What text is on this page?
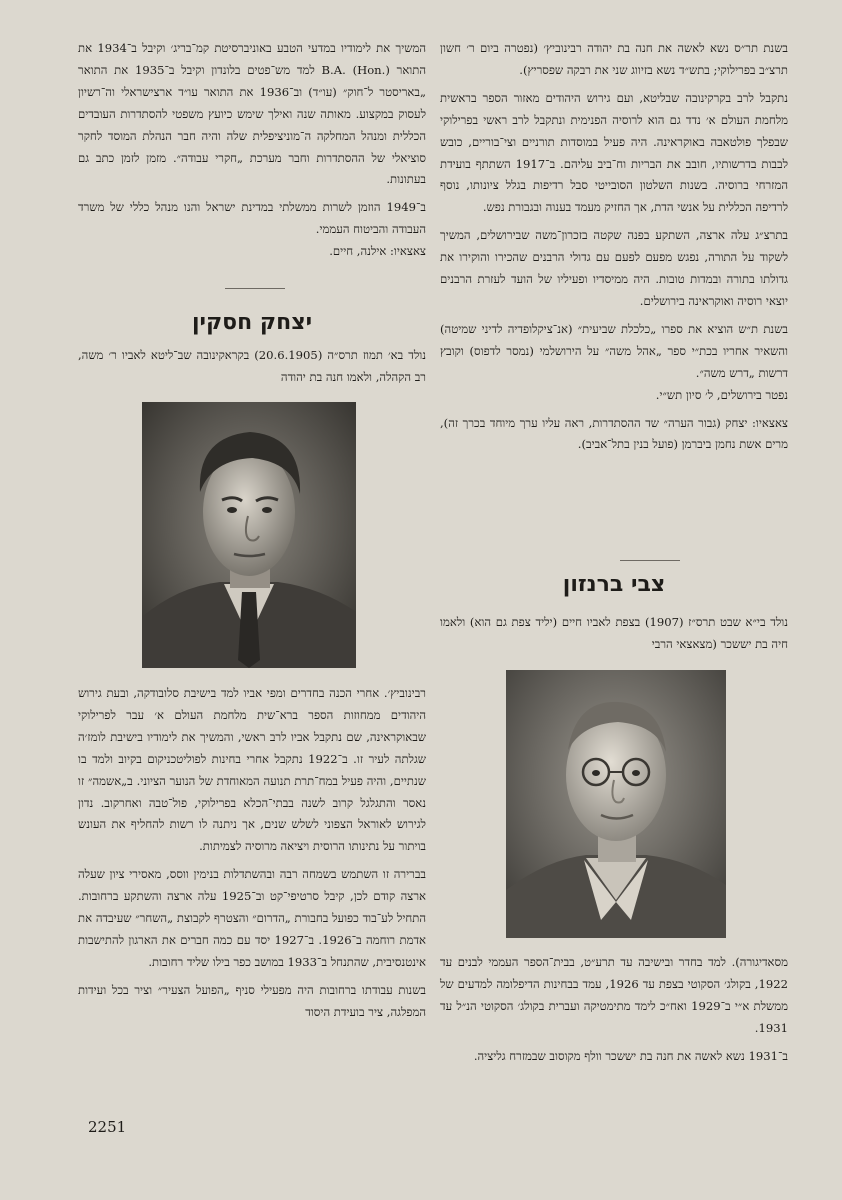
בשנת תר״ס נשא לאשה את חנה בת יהודה רבינוביץ׳ (נפטרה ביום ר׳ חשון תרצ״ב בפרילוקי; בתש״ד נשא בזיווג שני את רבקה שפסריץ).

נתקבל לרב בקרקינובה שבליטא, ועם גירוש היהודים מאזור הספר בראשית מלחמת העולם א׳ נדד גם הוא לרוסיה הפנימית ונתקבל לרב ראשי בפרילוקי שבפלך פולטאבה באוקראינה. היה פעיל במוסדות תורניים וצי־בוריים, כובש לבבות בדרשותיו, חובב את הבריות וח־ביב עליהם. ב־1917 השתתף בועידת המזרחי ברוסיה. בשנות השלטון הסובייטי סבל רדיפות בגלל ציונותו, נוסף לרדיפה הכללית על אנשי הדת, אך החזיק מעמד בענוה ובגבורת נפש.

בתרצ״ג עלה ארצה, השתקע בפנה שקטה בזכרון־משה שבירושלים, המשיך לשקוד על התורה, נפגש מפעם לפעם עם גדולי הרבנים שהכירו והוקירו את גדולתו בתורה ובמדות טובות. היה ממיסדיו ופעיליו של הועד לעזרת הרבנים יוצאי רוסיה ואוקראינה בירושלים.

בשנת ת״ש הוציא את ספרו „כלכלת שביעית״ (אנ־ציקלופדיה לדיני שמיטה) והשאיר אחריו בכת״י ספר „אהל משה״ על הירושלמי (נמסר לדפוס) וקובץ דרשות „דרש משה״.

נפטר בירושלים, ל׳ סיון תש״י.

צאצאיו: יצחק (גבור הערה״ שד ההסתדרות, ראה עליו ערך מיוחד בכרך זה), מרים אשת נחמן ביברמן (פועל בנין בתל־אביב).

צבי ברנזון

נולד בי״א שבט תרס״ז (1907) בצפת לאביו חיים (יליד צפת גם הוא) ולאמו חיה בת יששכר (מצאצאי הרבי

מסאדיגורה). למד בחדר ובישיבה עד תרע״ט, בבית־הספר העממי לבנים עד 1922, בקולג׳ הסקוטי בצפת עד 1926, עמד בבחינות הדיפלומה למדעים של ממשלת א״י ב־1929 ואח״כ לימד מתימטיקה ועברית בקולג׳ הסקוטי הנ״ל עד 1931.

ב־1931 נשא לאשה את חנה בת יששכר וולף מקוסוב שבמזרח גליציה.

המשיך את לימודיו במדעי הטבע באוניברסיטת קמ־בריג׳ וקיבל ב־1934 את התואר B.A. (Hon.) למד מש־פטים בלונדון וקיבל ב־1935 את התואר „באריסטר ל־חוק״ (עו״ד) וב־1936 את התואר עו״ד ארצישראלי וה־רשיון לעסוק במקצוע. מאותה שנה ואילך שימש כיועץ משפטי להסתדרות העובדים הכללית ומנהל המחלקה ה־מוניציפלית שלה והיה חבר הנהלת המוסד לחקר סוציאלי של ההסתדרות וחבר מערכת „חקרי עבודה״. מזמן לזמן כתב גם בעתונות.

ב־1949 הוזמן לשרות ממשלתי במדינת ישראל והנו מנהל כללי של משרד העבודה והביטוח העממי.

צאצאיו: אילנה, חיים.

יצחק חסקין

נולד בא׳ תמוז תרס״ה (20.6.1905) בקראקינובה שב־ליטא לאביו ר׳ משה, רב הקהלה, ולאמו חנה בת יהודה

רבינוביץ׳. אחרי הכנה בחדרים ומפי אביו למד בישיבת סלובודקה, ובעת גירוש היהודים ממחוזות הספר ברא־שית מלחמת העולם א׳ עבר לפרילוקי שבאוקראינה, שם נתקבל אביו לרב ראשי, והמשיך את לימודיו בישיבת לומז׳ה שגלתה לעיר זו. ב־1922 נתקבל אחרי בחינות לפוליטכניקום בקיוב ולמד בו שנתיים, והיה פעיל במח־תרת תנועה המאוחדת של הנוער הציוני. ב„אשמה״ זו נאסר והתגלגל קרוב לשנה בבתי־הכלא בפרילוקי, פול־טבה ואחרקוב. נדון לגירוש לאוראל הצפוני לשלש שנים, אך ניתנה לו רשות להחליף את העונש בויתור על נתינותו הרוסית ויציאה מרוסיה לצמיתות.

בברירה זו השתמש בשמחה רבה ובהשתדלות בנימין ווסס, מאסירי ציון שעלה ארצה קודם לכן, קיבל סרטיפי־קט וב־1925 עלה ארצה והשתקע ברחובות. התחיל לע־בוד כפועל בחבורת „הדרום״ והצטרף לקבוצת „השחר״ שעיבדה את אדמת רוחמה ב־1926. ב־1927 יסד עם כמה חברים את הארגון להתישבות אינטנסיבית, שהתנחל ב־1933 במושב כפר בילו שליד רחובות.

בשנות עבודתו ברחובות היה מפעילי סניף „הפועל הצעיר״ וציר בכל ועידות המפלגה, ציר בועידת היסוד

2251
